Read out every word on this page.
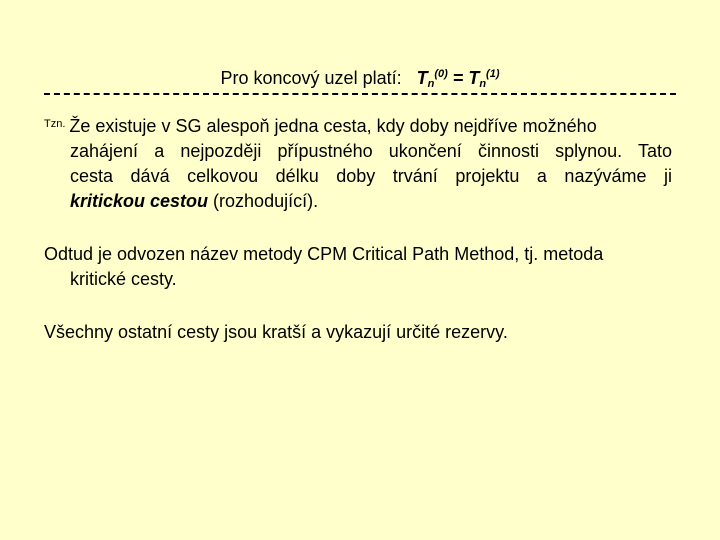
Pro koncový uzel platí: $T_n^{(0)} = T_n^{(1)}$
$^{Tzn.}$ Že existuje v SG alespoň jedna cesta, kdy doby nejdříve možného
zahájení a nejpozději přípustného ukončení činnosti splynou. Tato
cesta dává celkovou délku doby trvání projektu a nazýváme ji
kritickou cestou (rozhodující).
Odtud je odvozen název metody CPM Critical Path Method, tj. metoda
kritické cesty.
Všechny ostatní cesty jsou kratší a vykazují určité rezervy.
